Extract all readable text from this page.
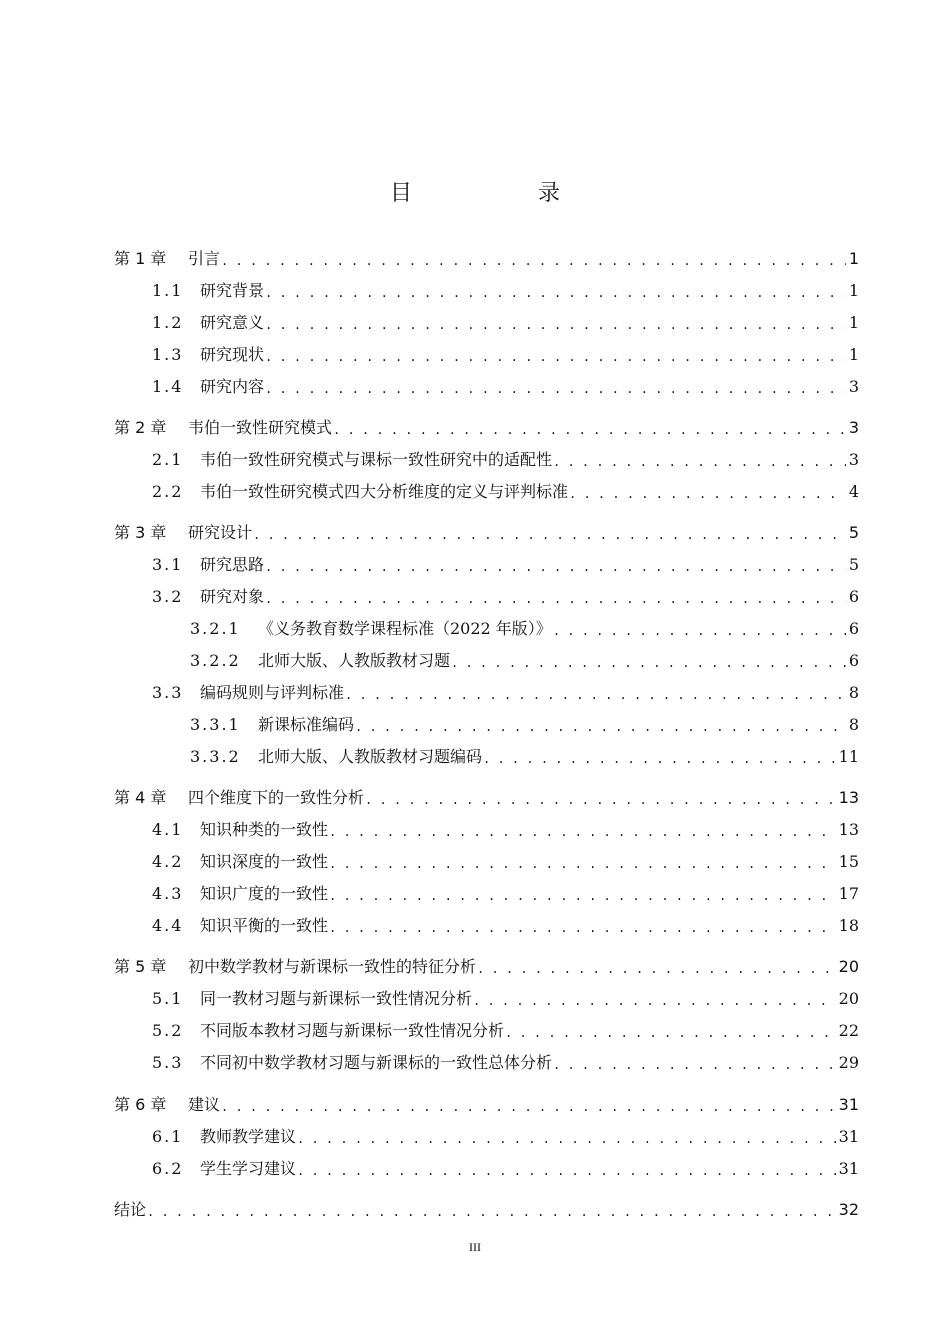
目　录
第 1 章	引言 . . .	1
1.1	研究背景 . . .	1
1.2	研究意义 . . .	1
1.3	研究现状 . . .	1
1.4	研究内容 . . .	3
第 2 章	韦伯一致性研究模式 . . .	3
2.1	韦伯一致性研究模式与课标一致性研究中的适配性 . . .	3
2.2	韦伯一致性研究模式四大分析维度的定义与评判标准 . . .	4
第 3 章	研究设计 . . .	5
3.1	研究思路 . . .	5
3.2	研究对象 . . .	6
3.2.1	《义务教育数学课程标准（2022 年版）》 . . .	6
3.2.2	北师大版、人教版教材习题 . . .	6
3.3	编码规则与评判标准 . . .	8
3.3.1	新课标准编码 . . .	8
3.3.2	北师大版、人教版教材习题编码 . . .	11
第 4 章	四个维度下的一致性分析 . . .	13
4.1	知识种类的一致性 . . .	13
4.2	知识深度的一致性 . . .	15
4.3	知识广度的一致性 . . .	17
4.4	知识平衡的一致性 . . .	18
第 5 章	初中数学教材与新课标一致性的特征分析 . . .	20
5.1	同一教材习题与新课标一致性情况分析 . . .	20
5.2	不同版本教材习题与新课标一致性情况分析 . . .	22
5.3	不同初中数学教材习题与新课标的一致性总体分析 . . .	29
第 6 章	建议 . . .	31
6.1	教师教学建议 . . .	31
6.2	学生学习建议 . . .	31
结论 . . .	32
III
